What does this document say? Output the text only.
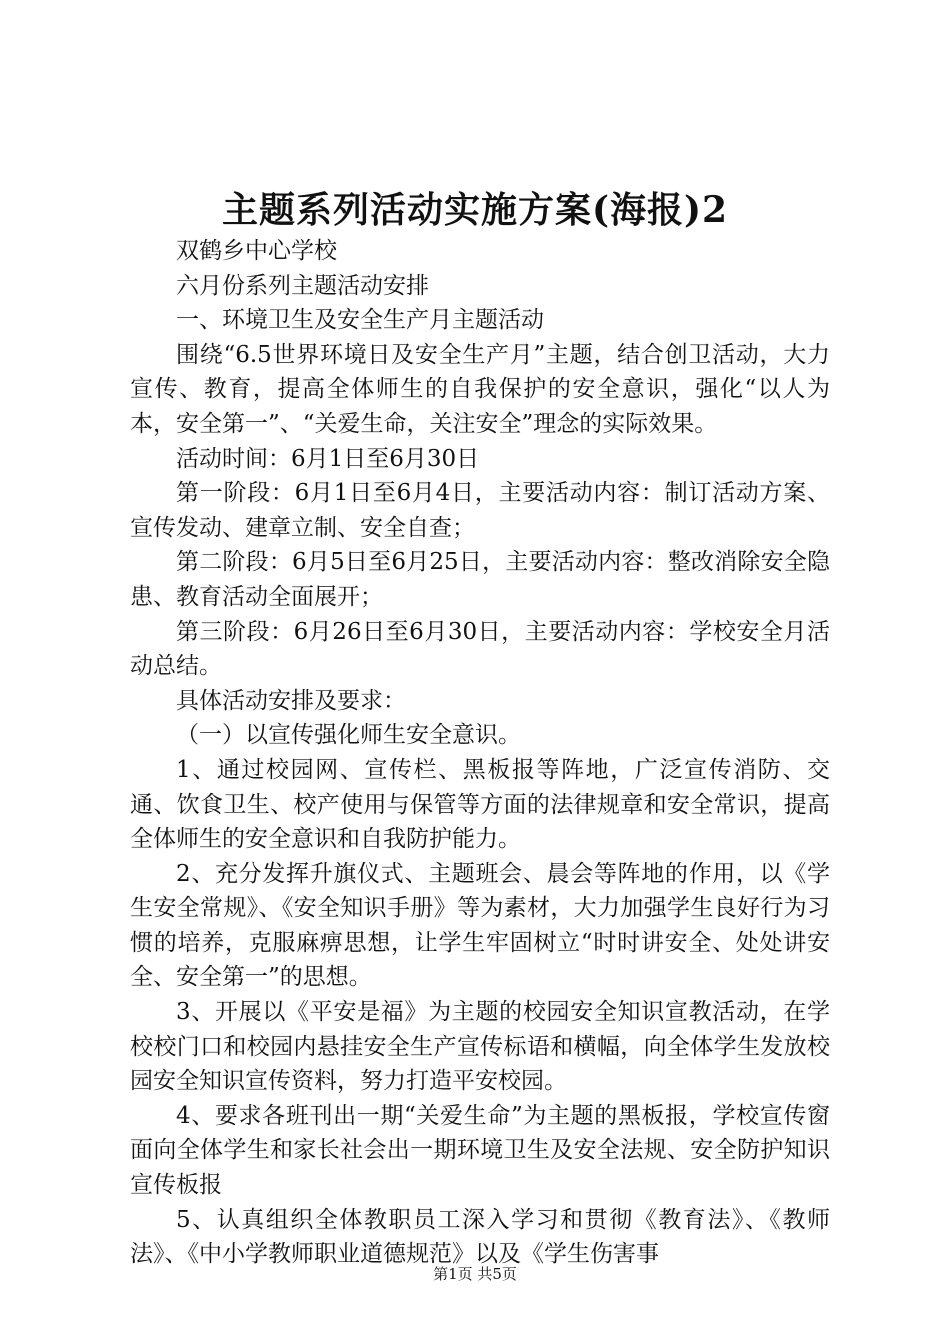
主题系列活动实施方案(海报)2

双鹤乡中心学校

六月份系列主题活动安排

一、环境卫生及安全生产月主题活动

围绕“6.5世界环境日及安全生产月”主题，结合创卫活动，大力宣传、教育，提高全体师生的自我保护的安全意识，强化“以人为本，安全第一”、“关爱生命，关注安全”理念的实际效果。

活动时间：6月1日至6月30日

第一阶段：6月1日至6月4日，主要活动内容：制订活动方案、宣传发动、建章立制、安全自查；

第二阶段：6月5日至6月25日，主要活动内容：整改消除安全隐患、教育活动全面展开；

第三阶段：6月26日至6月30日，主要活动内容：学校安全月活动总结。

具体活动安排及要求：

（一）以宣传强化师生安全意识。

1、通过校园网、宣传栏、黑板报等阵地，广泛宣传消防、交通、饮食卫生、校产使用与保管等方面的法律规章和安全常识，提高全体师生的安全意识和自我防护能力。

2、充分发挥升旗仪式、主题班会、晨会等阵地的作用，以《学生安全常规》、《安全知识手册》等为素材，大力加强学生良好行为习惯的培养，克服麻痹思想，让学生牢固树立“时时讲安全、处处讲安全、安全第一”的思想。

3、开展以《平安是福》为主题的校园安全知识宣教活动，在学校校门口和校园内悬挂安全生产宣传标语和横幅，向全体学生发放校园安全知识宣传资料，努力打造平安校园。

4、要求各班刊出一期“关爱生命”为主题的黑板报，学校宣传窗面向全体学生和家长社会出一期环境卫生及安全法规、安全防护知识宣传板报

5、认真组织全体教职员工深入学习和贯彻《教育法》、《教师法》、《中小学教师职业道德规范》以及《学生伤害事

第1页 共5页
